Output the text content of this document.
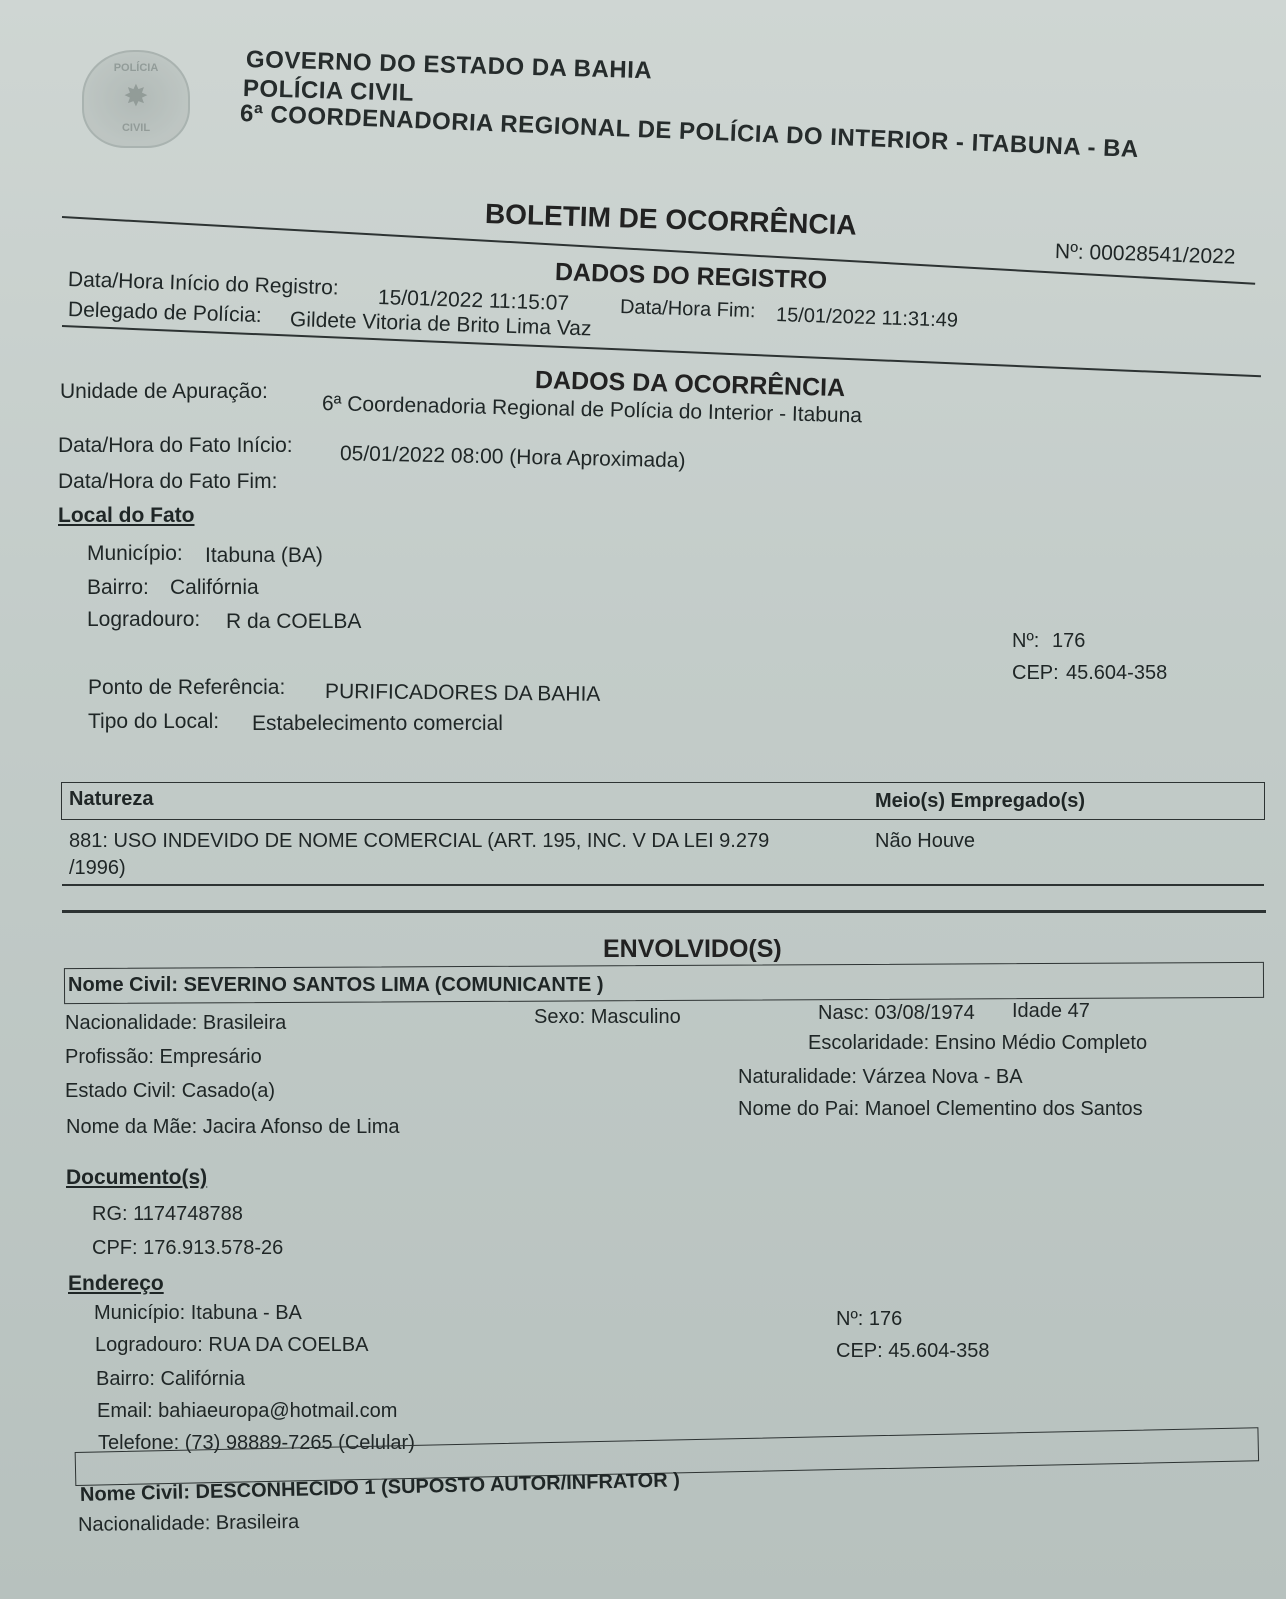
POLÍCIA
✸
CIVIL
GOVERNO DO ESTADO DA BAHIA
POLÍCIA CIVIL
6ª COORDENADORIA REGIONAL DE POLÍCIA DO INTERIOR - ITABUNA - BA
BOLETIM DE OCORRÊNCIA
Nº: 00028541/2022
DADOS DO REGISTRO
Data/Hora Início do Registro:
15/01/2022 11:15:07	Data/Hora Fim: 15/01/2022 11:31:49
Delegado de Polícia: Gildete Vitoria de Brito Lima Vaz
DADOS DA OCORRÊNCIA
Unidade de Apuração:
6ª Coordenadoria Regional de Polícia do Interior - Itabuna
Data/Hora do Fato Início: 05/01/2022 08:00 (Hora Aproximada)
Data/Hora do Fato Fim:
Local do Fato
Município: Itabuna (BA)
Bairro: Califórnia
Logradouro: R da COELBA
Nº: 176
CEP: 45.604-358
Ponto de Referência: PURIFICADORES DA BAHIA
Tipo do Local: Estabelecimento comercial
Natureza	Meio(s) Empregado(s)
881: USO INDEVIDO DE NOME COMERCIAL (ART. 195, INC. V DA LEI 9.279
/1996)
Não Houve
ENVOLVIDO(S)
Nome Civil: SEVERINO SANTOS LIMA (COMUNICANTE )
Nacionalidade: Brasileira	Sexo: Masculino	Nasc: 03/08/1974 Idade 47
Profissão: Empresário
Escolaridade: Ensino Médio Completo
Estado Civil: Casado(a)
Naturalidade: Várzea Nova - BA
Nome da Mãe: Jacira Afonso de Lima
Nome do Pai: Manoel Clementino dos Santos
Documento(s)
RG: 1174748788
CPF: 176.913.578-26
Endereço
Município: Itabuna - BA
Logradouro: RUA DA COELBA
Bairro: Califórnia
Email: bahiaeuropa@hotmail.com
Telefone: (73) 98889-7265 (Celular)
Nº: 176
CEP: 45.604-358
Nome Civil: DESCONHECIDO 1 (SUPOSTO AUTOR/INFRATOR )
Nacionalidade: Brasileira
